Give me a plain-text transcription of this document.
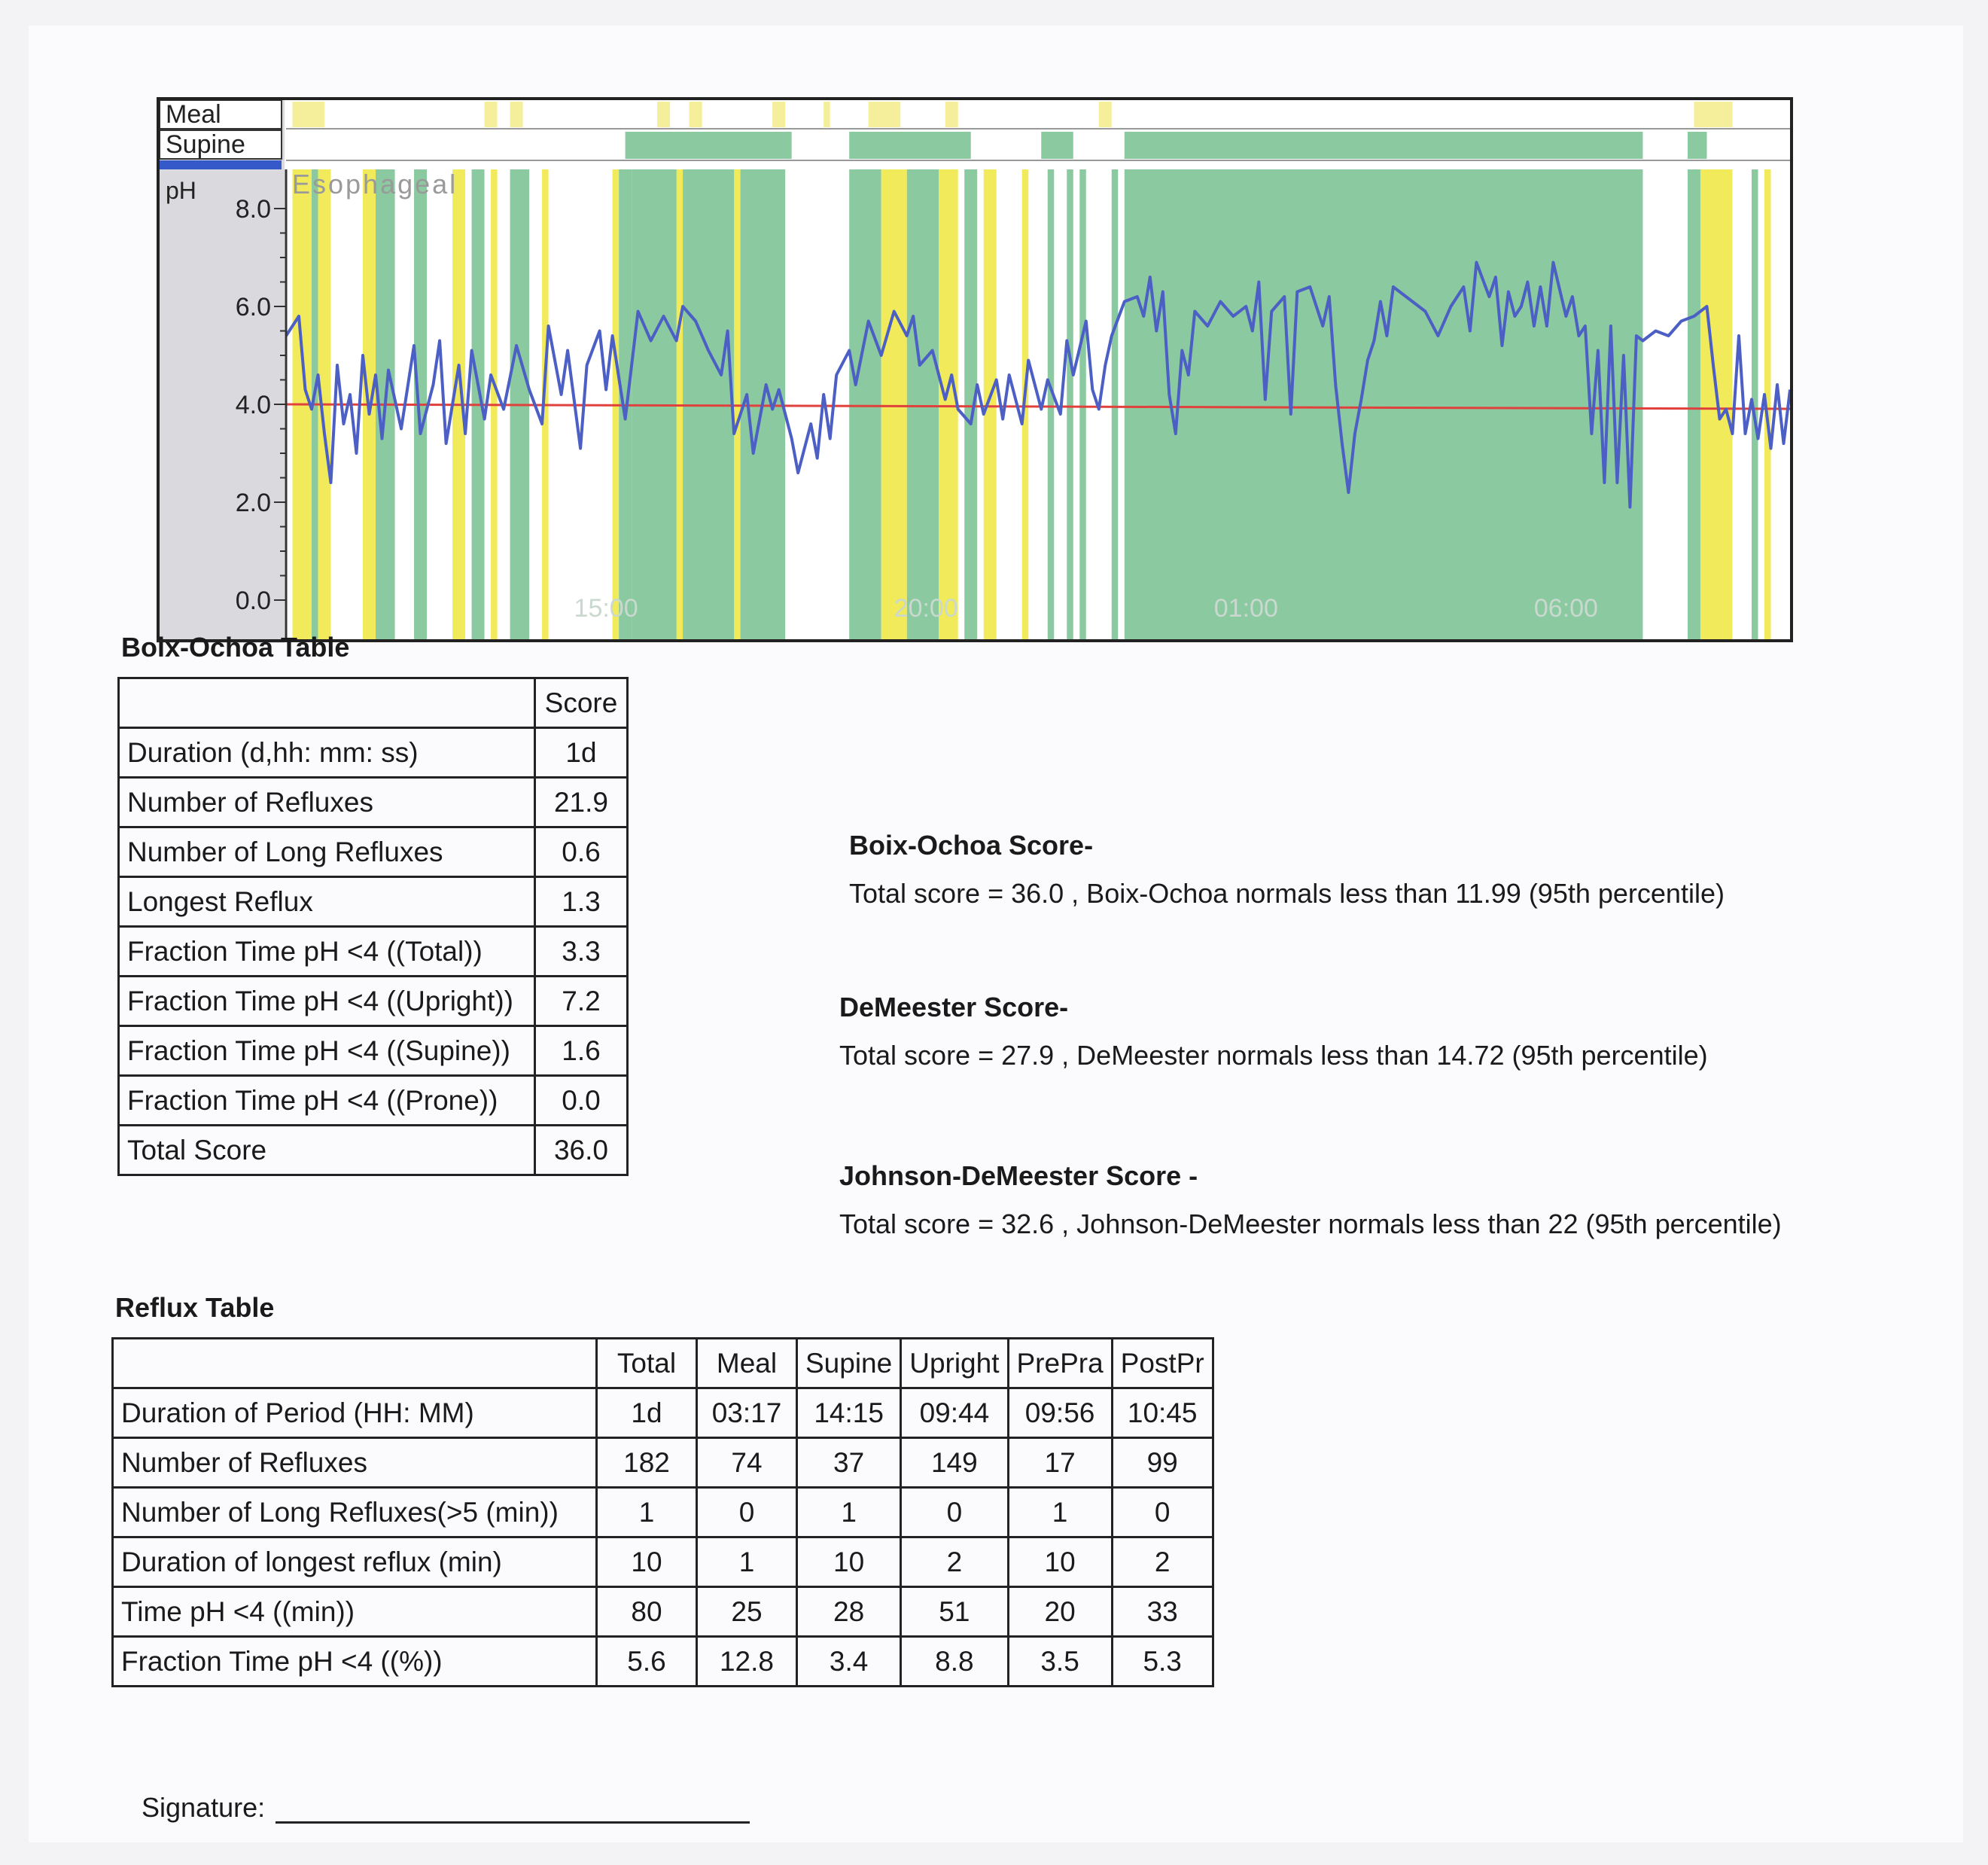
Meal
Supine
pH	Esophageal
15:00	20:00	01:00	06:00
8.0
6.0
4.0
2.0
0.0
Boix-Ochoa Table
	Score
Duration (d,hh: mm: ss)	1d
Number of Refluxes	21.9
Number of Long Refluxes	0.6
Longest Reflux	1.3
Fraction Time pH <4 ((Total))	3.3
Fraction Time pH <4 ((Upright))	7.2
Fraction Time pH <4 ((Supine))	1.6
Fraction Time pH <4 ((Prone))	0.0
Total Score	36.0
Boix-Ochoa Score-
Total score = 36.0 , Boix-Ochoa normals less than 11.99 (95th percentile)
DeMeester Score-
Total score = 27.9 , DeMeester normals less than 14.72 (95th percentile)
Johnson-DeMeester Score -
Total score = 32.6 , Johnson-DeMeester normals less than 22 (95th percentile)
Reflux Table
	Total	Meal	Supine	Upright	PrePra	PostPr
Duration of Period (HH: MM)	1d	03:17	14:15	09:44	09:56	10:45
Number of Refluxes	182	74	37	149	17	99
Number of Long Refluxes(>5 (min))	1	0	1	0	1	0
Duration of longest reflux (min)	10	1	10	2	10	2
Time pH <4 ((min))	80	25	28	51	20	33
Fraction Time pH <4 ((%))	5.6	12.8	3.4	8.8	3.5	5.3
Signature:
